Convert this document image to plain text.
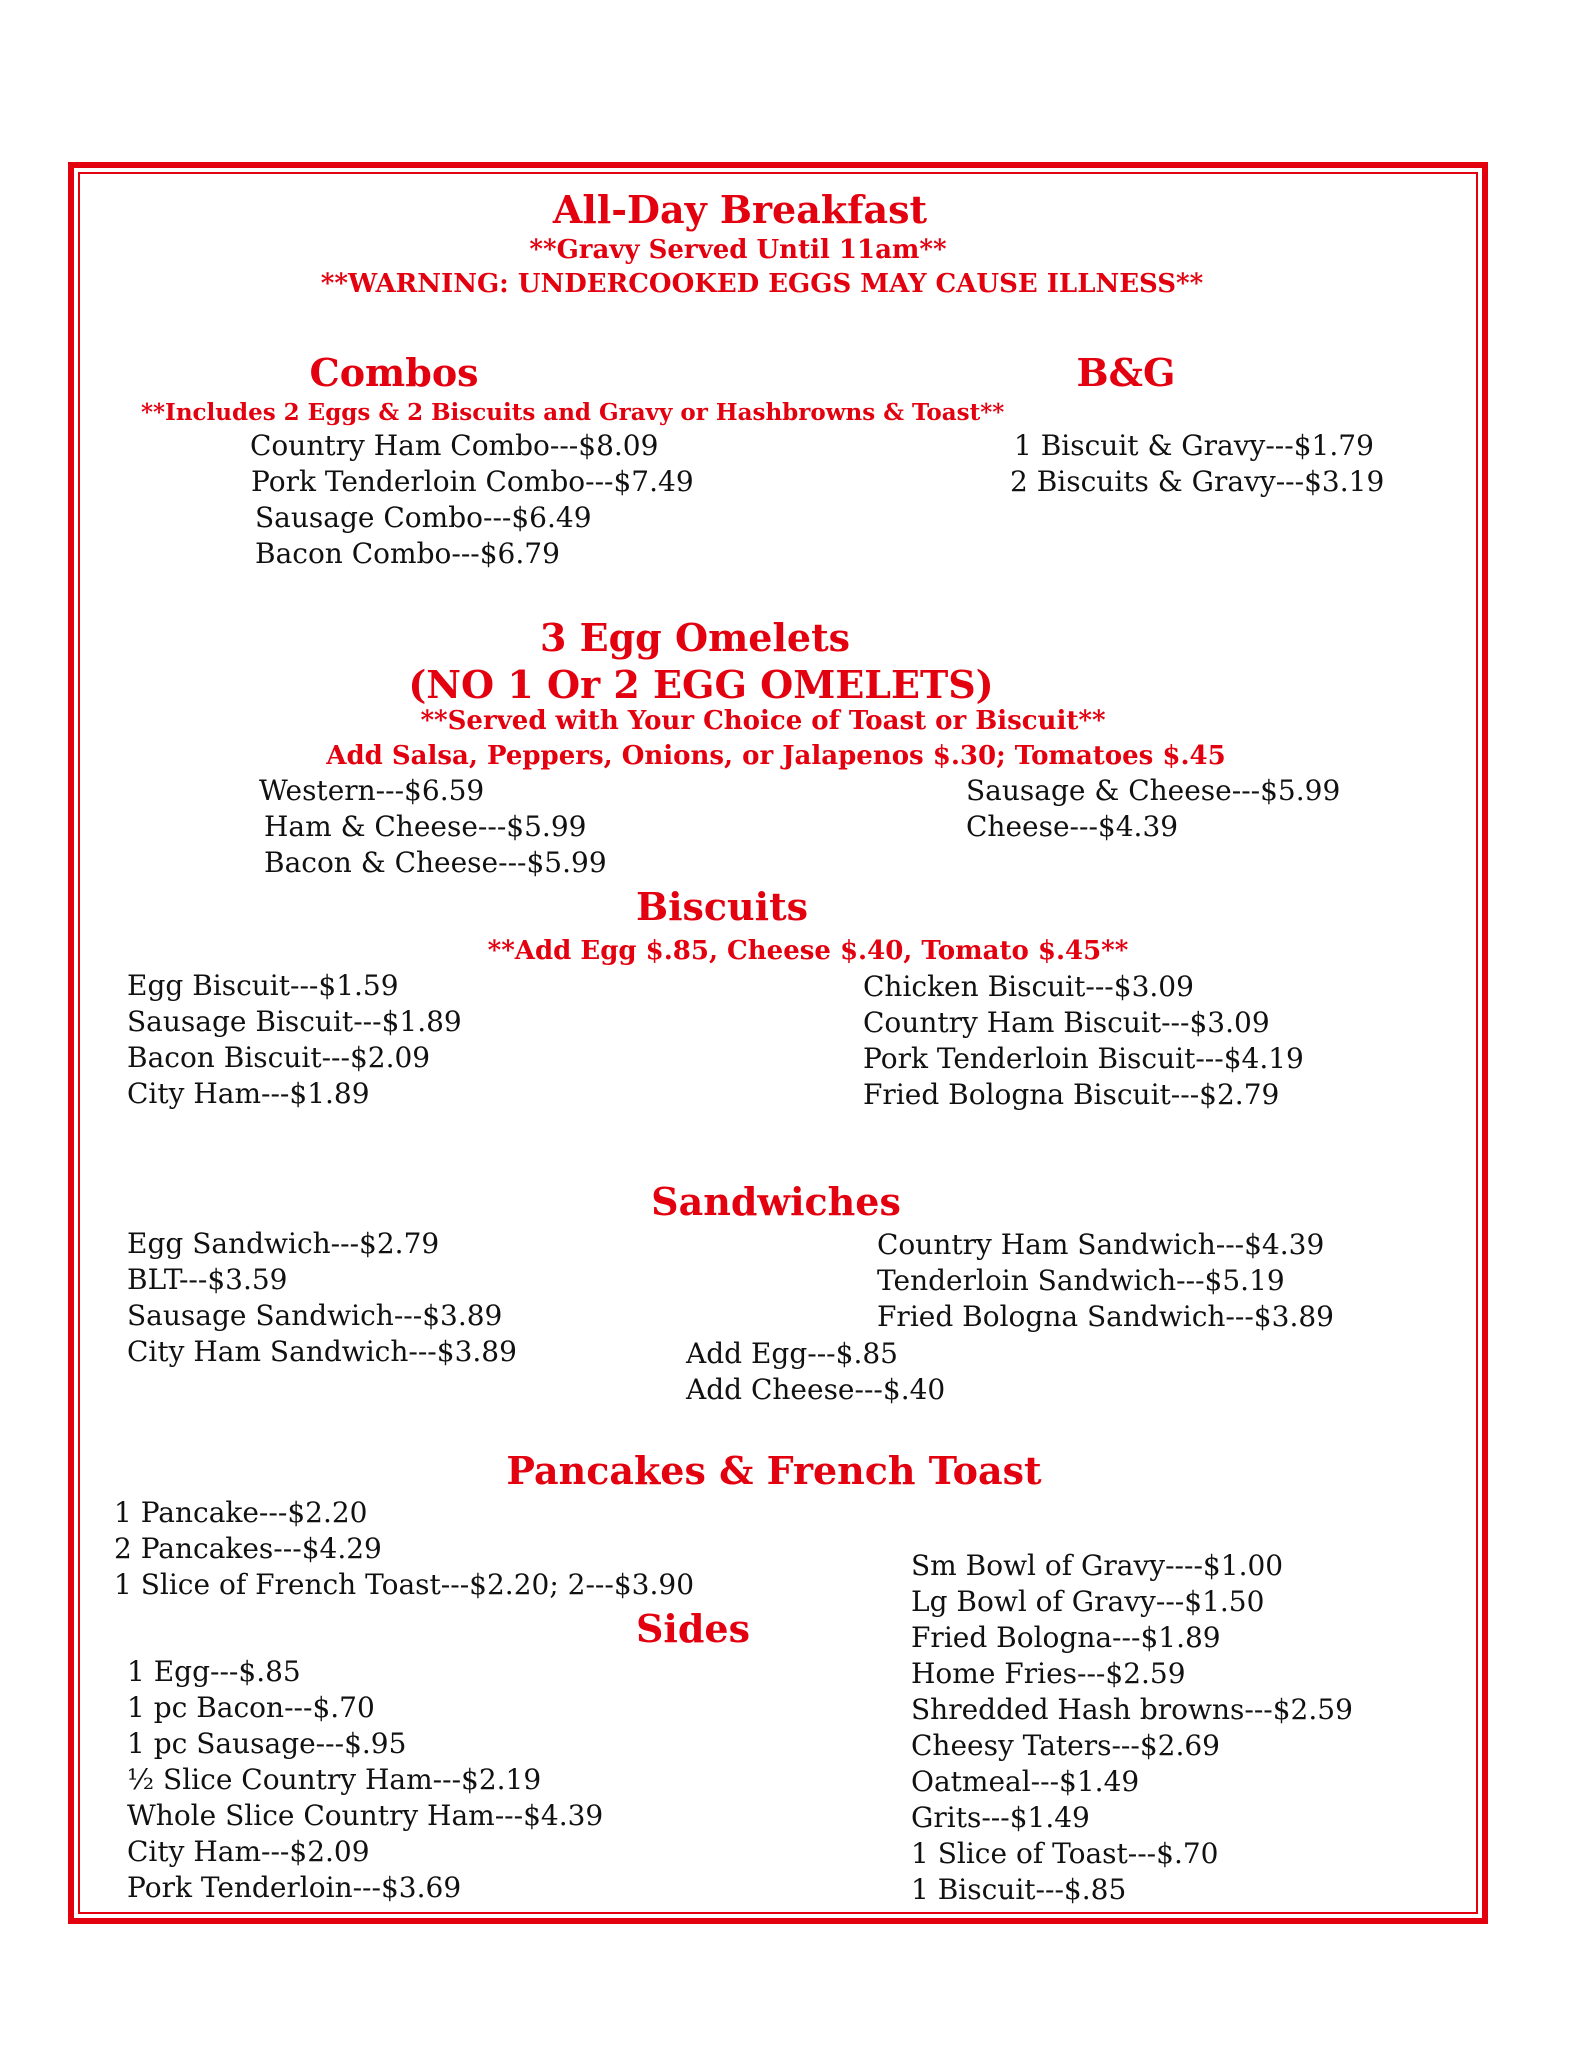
All-Day Breakfast
**Gravy Served Until 11am**
**WARNING: UNDERCOOKED EGGS MAY CAUSE ILLNESS**
Combos
**Includes 2 Eggs & 2 Biscuits and Gravy or Hashbrowns & Toast**
Country Ham Combo---$8.09
Pork Tenderloin Combo---$7.49
Sausage Combo---$6.49
Bacon Combo---$6.79
B&G
1 Biscuit & Gravy---$1.79
2 Biscuits & Gravy---$3.19
3 Egg Omelets
(NO 1 Or 2 EGG OMELETS)
**Served with Your Choice of Toast or Biscuit**
Add Salsa, Peppers, Onions, or Jalapenos $.30; Tomatoes $.45
Western---$6.59
Ham & Cheese---$5.99
Bacon & Cheese---$5.99
Sausage & Cheese---$5.99
Cheese---$4.39
Biscuits
**Add Egg $.85, Cheese $.40, Tomato $.45**
Egg Biscuit---$1.59
Sausage Biscuit---$1.89
Bacon Biscuit---$2.09
City Ham---$1.89
Chicken Biscuit---$3.09
Country Ham Biscuit---$3.09
Pork Tenderloin Biscuit---$4.19
Fried Bologna Biscuit---$2.79
Sandwiches
Egg Sandwich---$2.79
BLT---$3.59
Sausage Sandwich---$3.89
City Ham Sandwich---$3.89
Country Ham Sandwich---$4.39
Tenderloin Sandwich---$5.19
Fried Bologna Sandwich---$3.89
Add Egg---$.85
Add Cheese---$.40
Pancakes & French Toast
1 Pancake---$2.20
2 Pancakes---$4.29
1 Slice of French Toast---$2.20; 2---$3.90
Sides
1 Egg---$.85
1 pc Bacon---$.70
1 pc Sausage---$.95
½ Slice Country Ham---$2.19
Whole Slice Country Ham---$4.39
City Ham---$2.09
Pork Tenderloin---$3.69
Sm Bowl of Gravy----$1.00
Lg Bowl of Gravy---$1.50
Fried Bologna---$1.89
Home Fries---$2.59
Shredded Hash browns---$2.59
Cheesy Taters---$2.69
Oatmeal---$1.49
Grits---$1.49
1 Slice of Toast---$.70
1 Biscuit---$.85
